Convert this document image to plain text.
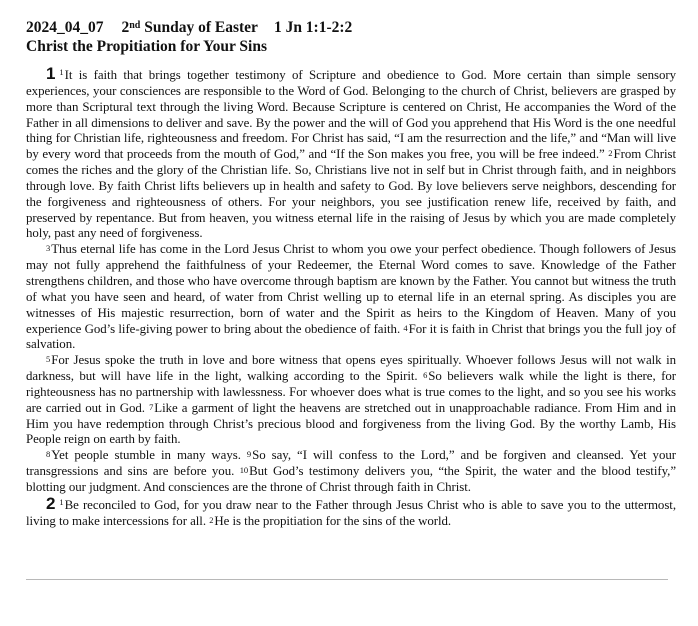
2024_04_07 2nd Sunday of Easter 1 Jn 1:1-2:2
Christ the Propitiation for Your Sins

1 $^1$It is faith that brings together testimony of Scripture and obedience to God. More certain than simple sensory experiences, your consciences are responsible to the Word of God. Belonging to the church of Christ, believers are grasped by more than Scriptural text through the living Word. Because Scripture is centered on Christ, He accompanies the Word of the Father in all dimensions to deliver and save. By the power and the will of God you apprehend that His Word is the one needful thing for Christian life, righteousness and freedom. For Christ has said, “I am the resurrection and the life,” and “Man will live by every word that proceeds from the mouth of God,” and “If the Son makes you free, you will be free indeed.” $^2$From Christ comes the riches and the glory of the Christian life. So, Christians live not in self but in Christ through faith, and in neighbors through love. By faith Christ lifts believers up in health and safety to God. By love believers serve neighbors, descending for the forgiveness and righteousness of others. For your neighbors, you see justification renew life, received by faith, and preserved by repentance. But from heaven, you witness eternal life in the raising of Jesus by which you are made completely holy, past any need of forgiveness.

$^3$Thus eternal life has come in the Lord Jesus Christ to whom you owe your perfect obedience. Though followers of Jesus may not fully apprehend the faithfulness of your Redeemer, the Eternal Word comes to save. Knowledge of the Father strengthens children, and those who have overcome through baptism are known by the Father. You cannot but witness the truth of what you have seen and heard, of water from Christ welling up to eternal life in an eternal spring. As disciples you are witnesses of His majestic resurrection, born of water and the Spirit as heirs to the Kingdom of Heaven. Many of you experience God’s life-giving power to bring about the obedience of faith. $^4$For it is faith in Christ that brings you the full joy of salvation.

$^5$For Jesus spoke the truth in love and bore witness that opens eyes spiritually. Whoever follows Jesus will not walk in darkness, but will have life in the light, walking according to the Spirit. $^6$So believers walk while the light is there, for righteousness has no partnership with lawlessness. For whoever does what is true comes to the light, and so you see his works are carried out in God. $^7$Like a garment of light the heavens are stretched out in unapproachable radiance. From Him and in Him you have redemption through Christ’s precious blood and forgiveness from the living God. By the worthy Lamb, His People reign on earth by faith.

$^8$Yet people stumble in many ways. $^9$So say, “I will confess to the Lord,” and be forgiven and cleansed. Yet your transgressions and sins are before you. $^{10}$But God’s testimony delivers you, “the Spirit, the water and the blood testify,” blotting our judgment. And consciences are the throne of Christ through faith in Christ.

2 $^1$Be reconciled to God, for you draw near to the Father through Jesus Christ who is able to save you to the uttermost, living to make intercessions for all. $^2$He is the propitiation for the sins of the world.
